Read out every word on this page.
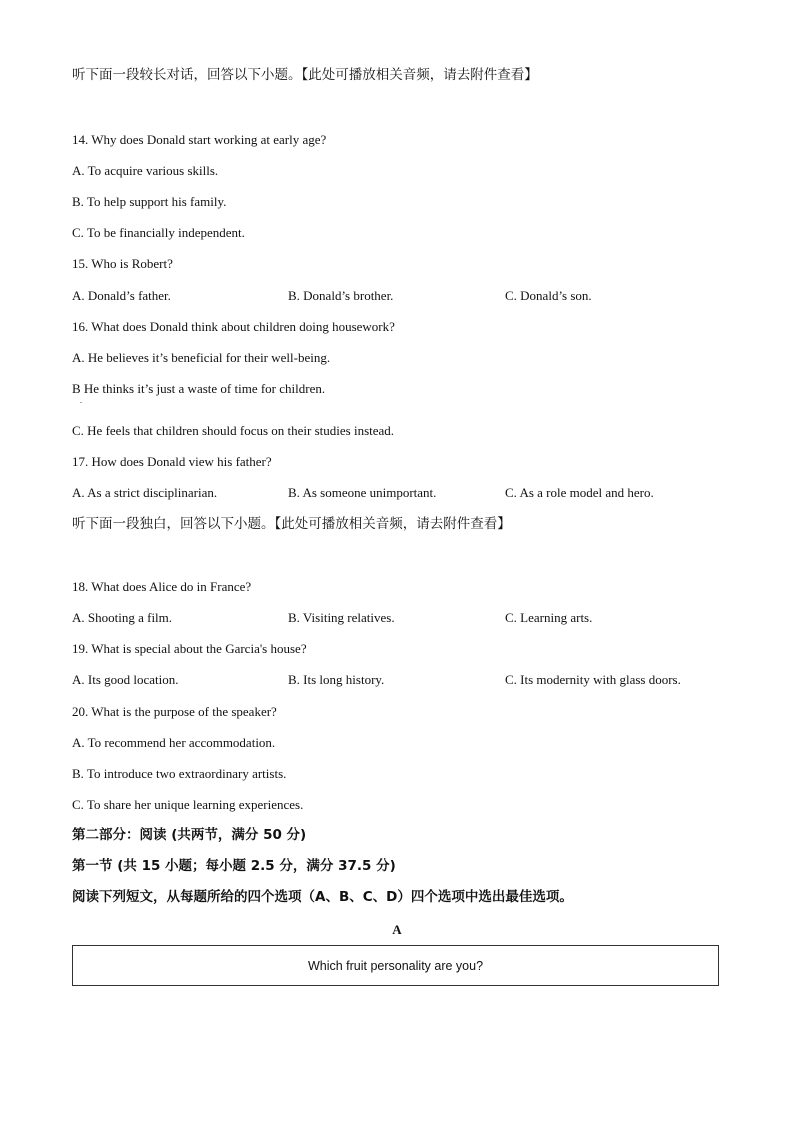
听下面一段较长对话，回答以下小题。【此处可播放相关音频，请去附件查看】
14. Why does Donald start working at early age?
A. To acquire various skills.
B. To help support his family.
C. To be financially independent.
15. Who is Robert?
A. Donald’s father.	B. Donald’s brother.	C. Donald’s son.
16. What does Donald think about children doing housework?
A. He believes it’s beneficial for their well-being.
B He thinks it’s just a waste of time for children.
.
C. He feels that children should focus on their studies instead.
17. How does Donald view his father?
A. As a strict disciplinarian.	B. As someone unimportant.	C. As a role model and hero.
听下面一段独白，回答以下小题。【此处可播放相关音频，请去附件查看】
18. What does Alice do in France?
A. Shooting a film.	B. Visiting relatives.	C. Learning arts.
19. What is special about the Garcia's house?
A. Its good location.	B. Its long history.	C. Its modernity with glass doors.
20. What is the purpose of the speaker?
A. To recommend her accommodation.
B. To introduce two extraordinary artists.
C. To share her unique learning experiences.
第二部分：阅读 (共两节，满分 50 分)
第一节 (共 15 小题；每小题 2.5 分，满分 37.5 分)
阅读下列短文，从每题所给的四个选项（A、B、C、D）四个选项中选出最佳选项。
A
Which fruit personality are you?
